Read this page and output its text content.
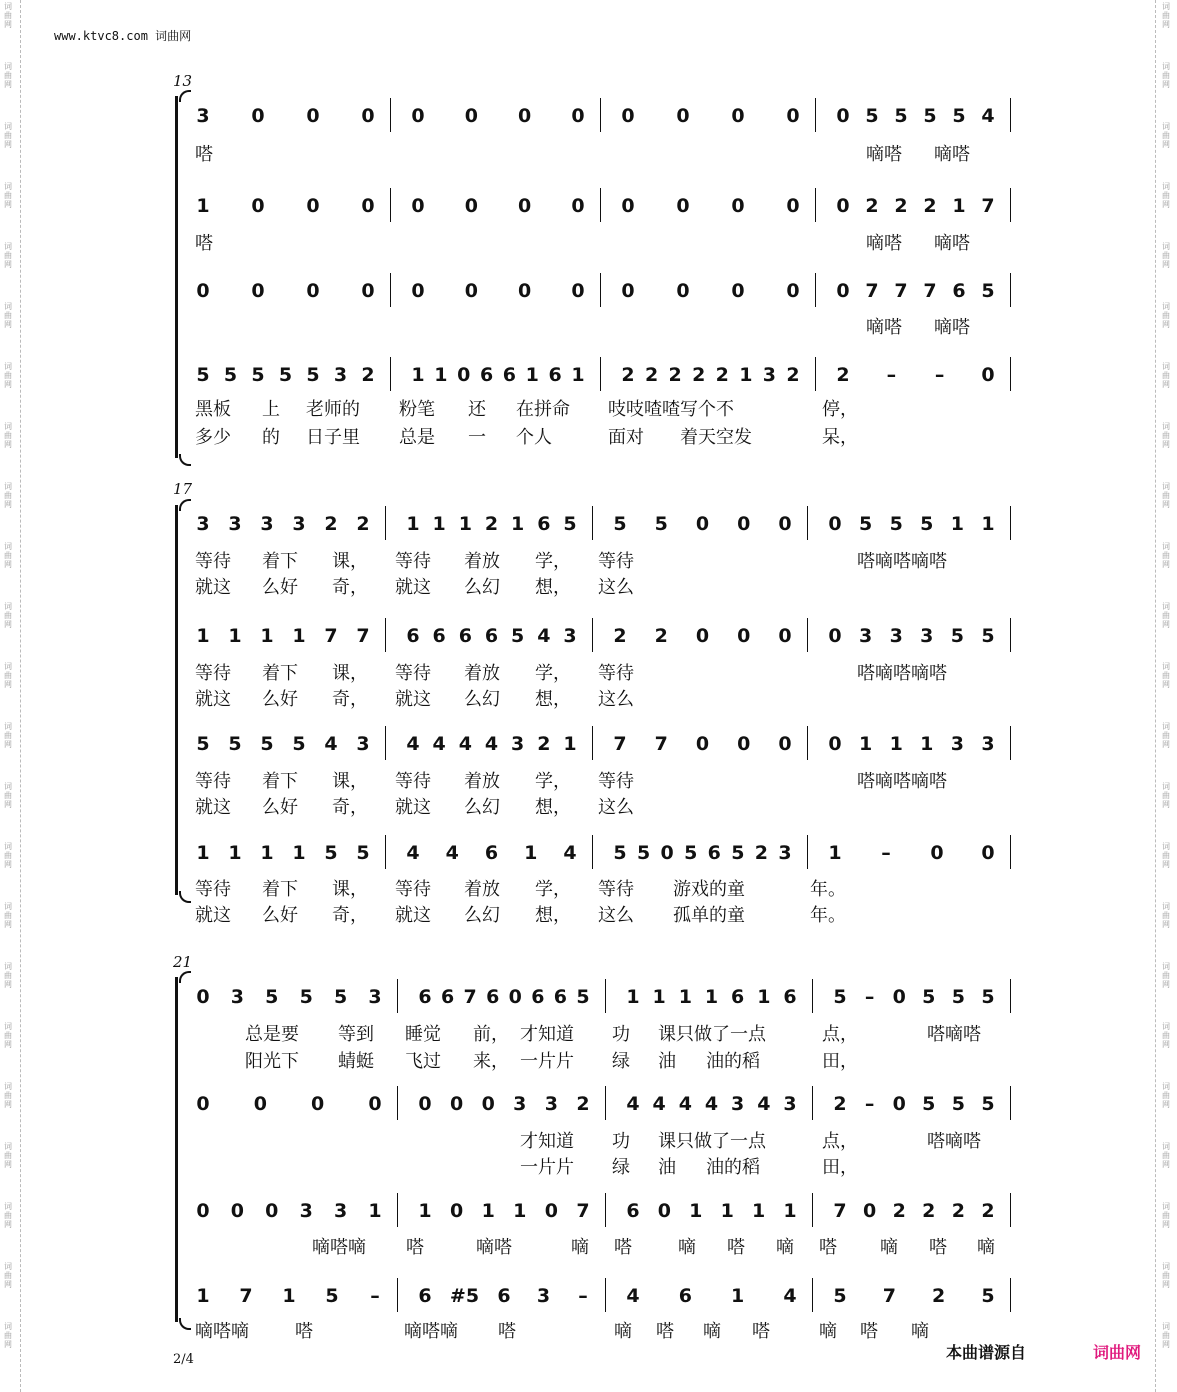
词
曲
网
词
曲
网
词
曲
网
词
曲
网
词
曲
网
词
曲
网
词
曲
网
词
曲
网
词
曲
网
词
曲
网
词
曲
网
词
曲
网
词
曲
网
词
曲
网
词
曲
网
词
曲
网
词
曲
网
词
曲
网
词
曲
网
词
曲
网
词
曲
网
词
曲
网
词
曲
网
词
曲
网
词
曲
网
词
曲
网
词
曲
网
词
曲
网
词
曲
网
词
曲
网
词
曲
网
词
曲
网
词
曲
网
词
曲
网
词
曲
网
词
曲
网
词
曲
网
词
曲
网
词
曲
网
词
曲
网
词
曲
网
词
曲
网
词
曲
网
词
曲
网
词
曲
网
词
曲
网
www.ktvc8.com 词曲网
13
3 0 0 0 0 0 0 0 0 0 0 0 0 5 5 5 5 4
嗒	嘀嗒 嘀嗒
1 0 0 0 0 0 0 0 0 0 0 0 0 2 2 2 1 7
嗒	嘀嗒 嘀嗒
0 0 0 0 0 0 0 0 0 0 0 0 0 7 7 7 6 5
嘀嗒 嘀嗒
5 5 5 5 5 3 2 1 1 0 6 6 1 6 1 2 2 2 2 2 1 3 2 2 – – 0
黑板 上 老师的 粉笔 还 在拼命 吱吱喳喳写个不	停，
多少 的 日子里 总是 一 个人	面对 着天空发	呆，
17
3 3 3 3 2 2 1 1 1 2 1 6 5 5 5 0 0 0 0 5 5 5 1 1
等待 着下 课， 等待 着放 学， 等待	嗒嘀嗒嘀嗒
就这 么好 奇， 就这 么幻 想， 这么
1 1 1 1 7 7 6 6 6 6 5 4 3 2 2 0 0 0 0 3 3 3 5 5
等待 着下 课， 等待 着放 学， 等待	嗒嘀嗒嘀嗒
就这 么好 奇， 就这 么幻 想， 这么
5 5 5 5 4 3 4 4 4 4 3 2 1 7 7 0 0 0 0 1 1 1 3 3
等待 着下 课， 等待 着放 学， 等待	嗒嘀嗒嘀嗒
就这 么好 奇， 就这 么幻 想， 这么
1 1 1 1 5 5 4 4 6 1 4 5 5 0 5 6 5 2 3 1 – 0 0
等待 着下 课， 等待 着放 学， 等待 游戏的童	年。
就这 么好 奇， 就这 么幻 想， 这么 孤单的童	年。
21
0 3 5 5 5 3 6 6 7 6 0 6 6 5 1 1 1 1 6 1 6 5 – 0 5 5 5
总是要 等到 睡觉 前， 才知道 功 课只做了一点	点，	嗒嘀嗒
阳光下 蜻蜓 飞过 来， 一片片 绿 油 油的稻	田，
0 0 0 0 0 0 0 3 3 2 4 4 4 4 3 4 3 2 – 0 5 5 5
才知道 功 课只做了一点	点，	嗒嘀嗒
一片片 绿 油 油的稻	田，
0 0 0 3 3 1 1 0 1 1 0 7 6 0 1 1 1 1 7 0 2 2 2 2
嘀嗒嘀 嗒	嘀嗒	嘀 嗒	嘀 嗒 嘀 嗒 嘀 嗒 嘀
1 7 1 5 – 6 #5 6 3 – 4 6 1 4 5 7 2 5
嘀嗒嘀	嗒	嘀嗒嘀 嗒	嘀 嗒 嘀 嗒	嘀 嗒 嘀
2/4	本曲谱源自	词曲网
